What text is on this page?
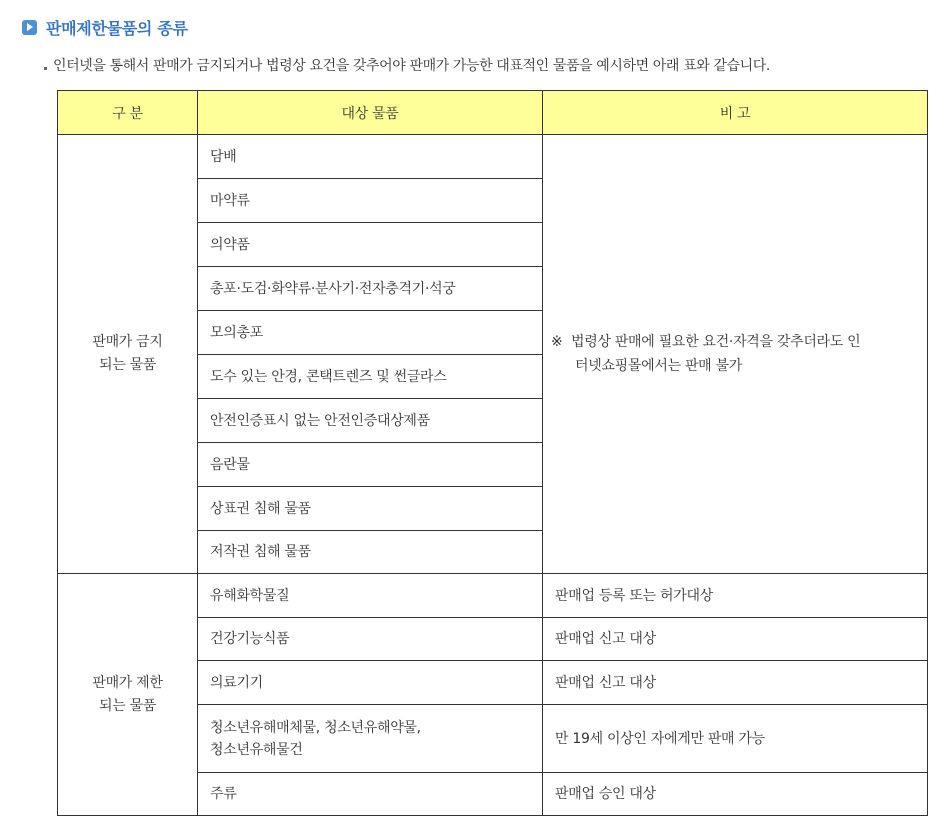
판매제한물품의 종류
인터넷을 통해서 판매가 금지되거나 법령상 요건을 갖추어야 판매가 가능한 대표적인 물품을 예시하면 아래 표와 같습니다.
구 분	대상 물품	비 고
판매가 금지
되는 물품	담배	※ 법령상 판매에 필요한 요건·자격을 갖추더라도 인
터넷쇼핑몰에서는 판매 불가

	마약류	
	의약품	
	총포·도검·화약류·분사기·전자충격기·석궁	
	모의총포	
	도수 있는 안경, 콘택트렌즈 및 썬글라스	
	안전인증표시 없는 안전인증대상제품	
	음란물	
	상표권 침해 물품	
	저작권 침해 물품	
판매가 제한
되는 물품	유해화학물질	판매업 등록 또는 허가대상
	건강기능식품	판매업 신고 대상
	의료기기	판매업 신고 대상
	청소년유해매체물, 청소년유해약물,
청소년유해물건	만 19세 이상인 자에게만 판매 가능
	주류	판매업 승인 대상
